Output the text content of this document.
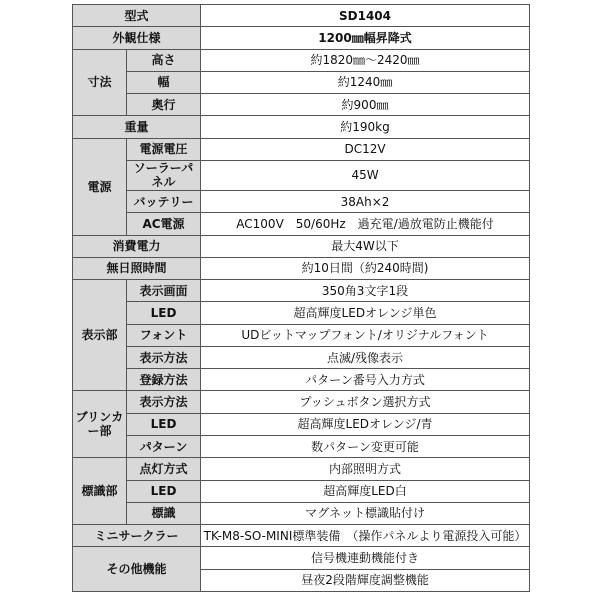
型式		SD1404
外観仕様		1200㎜幅昇降式
寸法	高さ	約1820㎜～2420㎜
	幅	約1240㎜
	奥行	約900㎜
重量		約190kg
電源	電源電圧	DC12V
	ソーラーパネル	45W
	バッテリー	38Ah×2
	AC電源	AC100V　50/60Hz　過充電/過放電防止機能付
消費電力		最大4W以下
無日照時間		約10日間（約240時間)
表示部	表示画面	350角3文字1段
	LED	超高輝度LEDオレンジ単色
	フォント	UDビットマップフォント/オリジナルフォント
	表示方法	点滅/残像表示
	登録方法	パターン番号入力方式
ブリンカー部	表示方法	プッシュボタン選択方式
	LED	超高輝度LEDオレンジ/青
	パターン	数パターン変更可能
標識部	点灯方式	内部照明方式
	LED	超高輝度LED白
	標識	マグネット標識貼付け
ミニサークラー		TK-M8-SO-MINI標準装備　（操作パネルより電源投入可能）
その他機能		信号機連動機能付き
		昼夜2段階輝度調整機能
